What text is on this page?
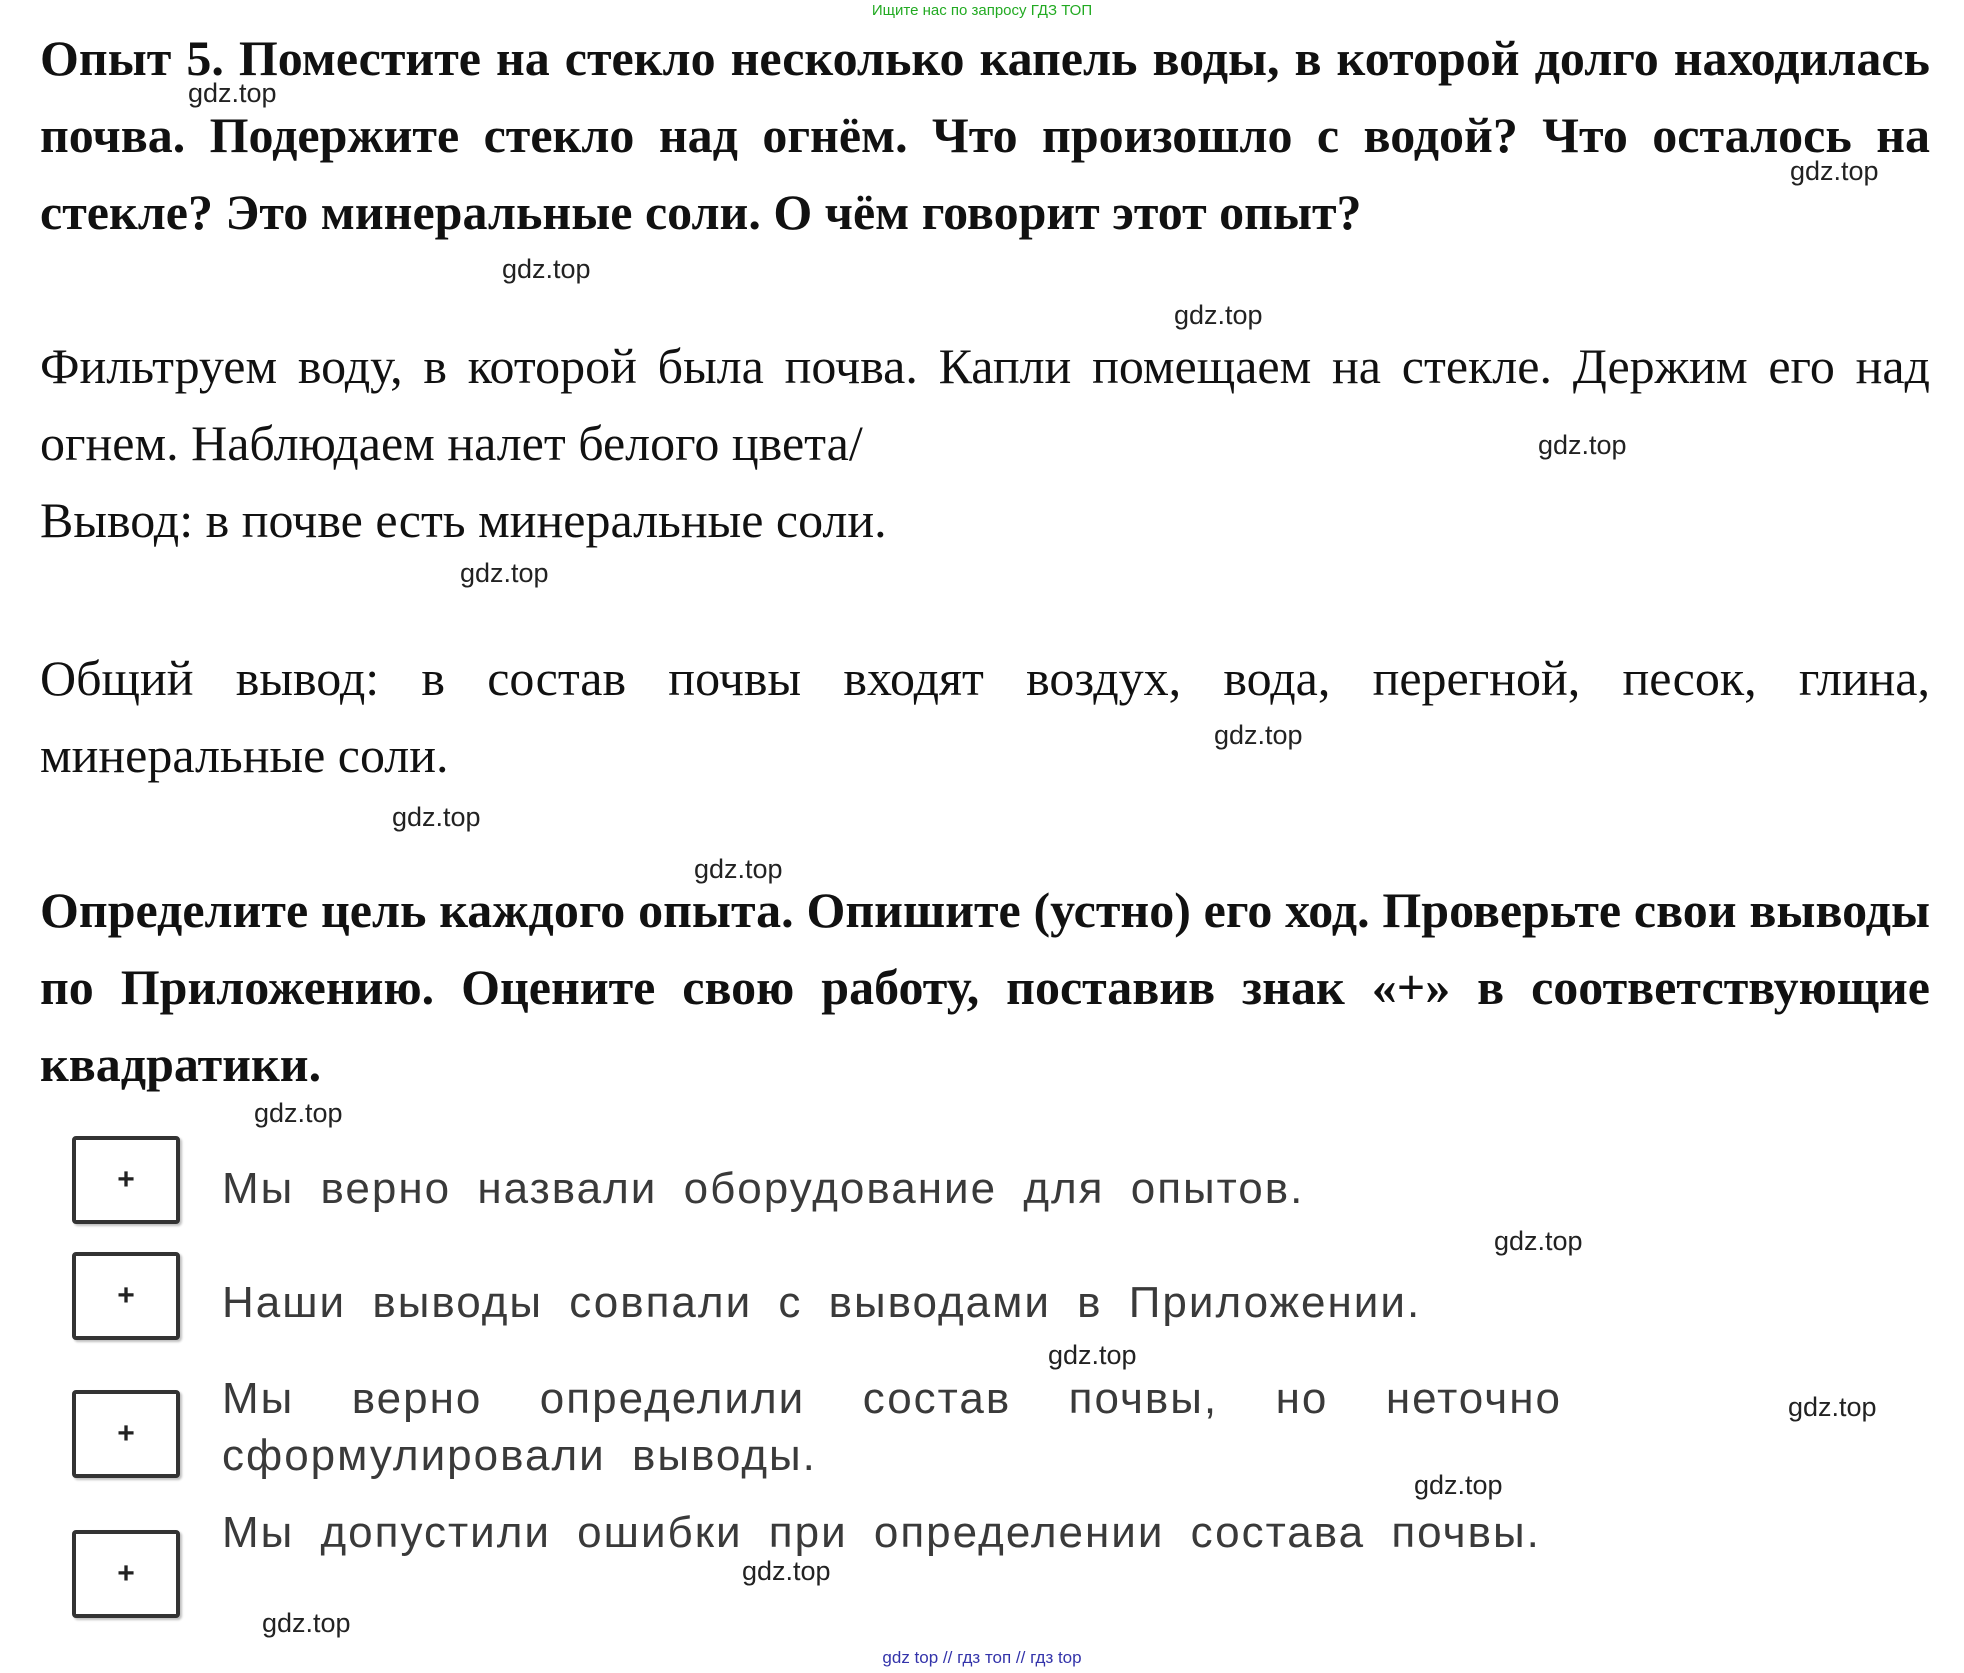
Ищите нас по запросу ГДЗ ТОП

Опыт 5. Поместите на стекло несколько капель воды, в которой долго находилась почва. Подержите стекло над огнём. Что произошло с водой? Что осталось на стекле? Это минеральные соли. О чём говорит этот опыт?

Фильтруем воду, в которой была почва. Капли помещаем на стекле. Держим его над огнем. Наблюдаем налет белого цвета/

Вывод: в почве есть минеральные соли.

Общий вывод: в состав почвы входят воздух, вода, перегной, песок, глина, минеральные соли.

Определите цель каждого опыта. Опишите (устно) его ход. Проверьте свои выводы по Приложению. Оцените свою работу, поставив знак «+» в соответствующие квадратики.

+	Мы верно назвали оборудование для опытов.
+	Наши выводы совпали с выводами в Приложении.
+
Мы верно определили состав почвы, но неточно сформулировали выводы.
+
Мы допустили ошибки при определении состава почвы.
gdz.top
gdz.top
gdz.top
gdz.top
gdz.top
gdz.top
gdz.top
gdz.top
gdz.top
gdz.top
gdz.top
gdz.top
gdz.top
gdz.top
gdz.top
gdz.top
gdz top // гдз топ // гдз top
